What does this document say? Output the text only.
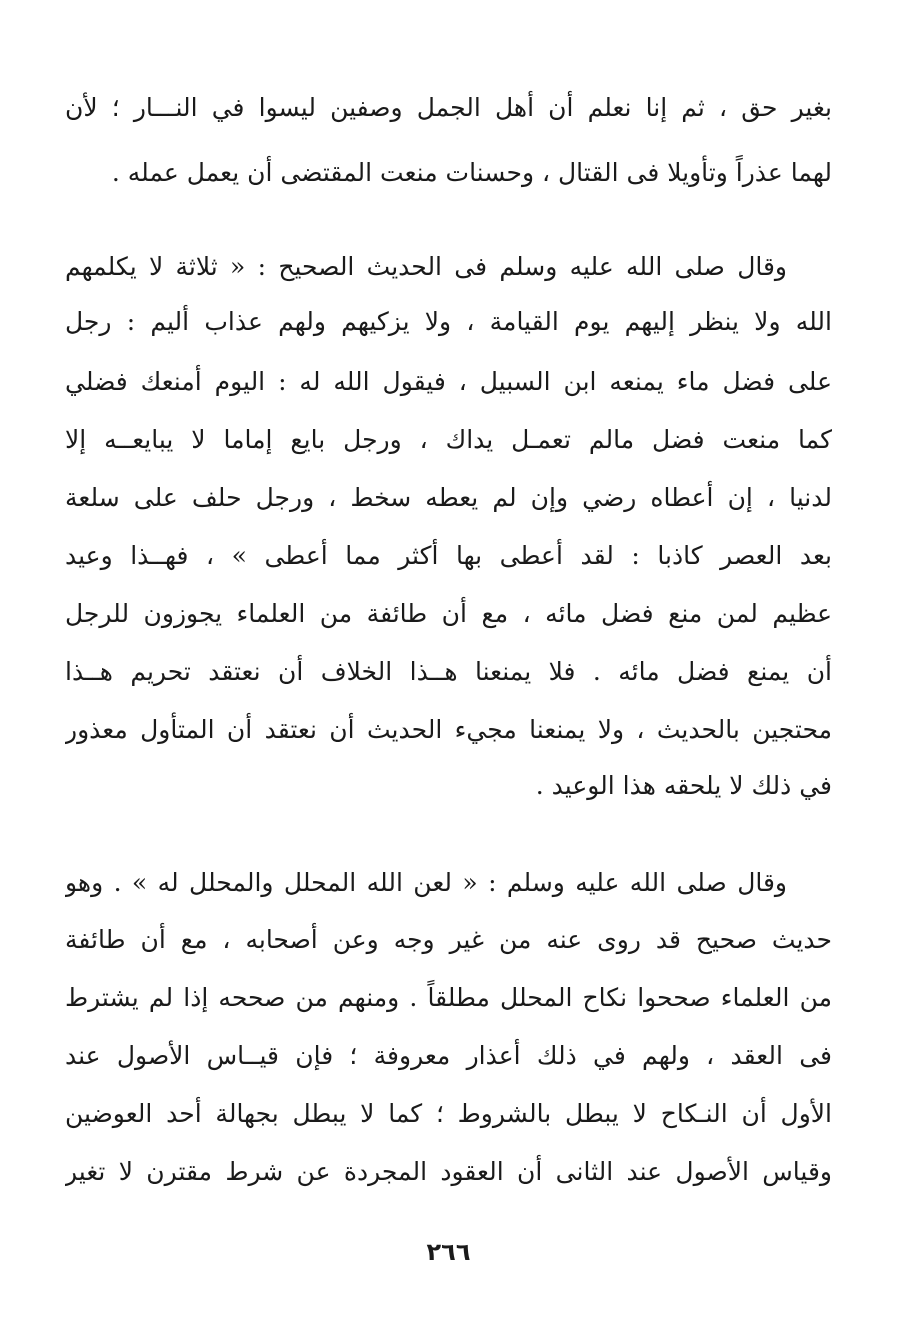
بغير حق ، ثم إنا نعلم أن أهل الجمل وصفين ليسوا في النـــار ؛ لأن
لهما عذراً وتأويلا فى القتال ، وحسنات منعت المقتضى أن يعمل عمله .
وقال صلى الله عليه وسلم فى الحديث الصحيح : « ثلاثة لا يكلمهم
الله ولا ينظر إليهم يوم القيامة ، ولا يزكيهم ولهم عذاب أليم : رجل
على فضل ماء يمنعه ابن السبيل ، فيقول الله له : اليوم أمنعك فضلي
كما منعت فضل مالم تعمـل يداك ، ورجل بايع إماما لا يبايعــه إلا
لدنيا ، إن أعطاه رضي وإن لم يعطه سخط ، ورجل حلف على سلعة
بعد العصر كاذبا : لقد أعطى بها أكثر مما أعطى » ، فهــذا وعيد
عظيم لمن منع فضل مائه ، مع أن طائفة من العلماء يجوزون للرجل
أن يمنع فضل مائه . فلا يمنعنا هــذا الخلاف أن نعتقد تحريم هــذا
محتجين بالحديث ، ولا يمنعنا مجيء الحديث أن نعتقد أن المتأول معذور
في ذلك لا يلحقه هذا الوعيد .
وقال صلى الله عليه وسلم : « لعن الله المحلل والمحلل له » . وهو
حديث صحيح قد روى عنه من غير وجه وعن أصحابه ، مع أن طائفة
من العلماء صححوا نكاح المحلل مطلقاً . ومنهم من صححه إذا لم يشترط
فى العقد ، ولهم في ذلك أعذار معروفة ؛ فإن قيــاس الأصول عند
الأول أن النـكاح لا يبطل بالشروط ؛ كما لا يبطل بجهالة أحد العوضين
وقياس الأصول عند الثانى أن العقود المجردة عن شرط مقترن لا تغير
٢٦٦
